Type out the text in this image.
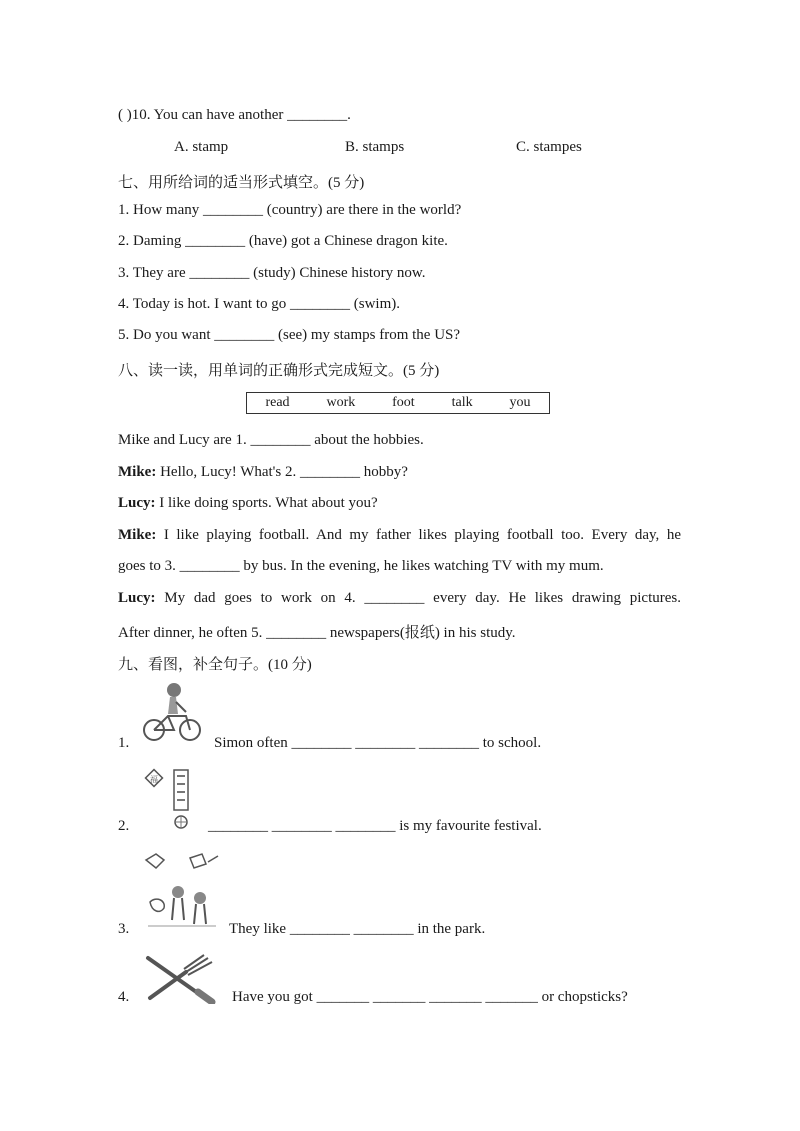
( )10. You can have another ________.
A. stamp	B. stamps	C. stampes
七、用所给词的适当形式填空。(5 分)
1. How many ________ (country) are there in the world?
2. Daming ________ (have) got a Chinese dragon kite.
3. They are ________ (study) Chinese history now.
4. Today is hot. I want to go ________ (swim).
5. Do you want ________ (see) my stamps from the US?
八、读一读，用单词的正确形式完成短文。(5 分)
read	work	foot	talk	you
Mike and Lucy are 1. ________ about the hobbies.
Mike: Hello, Lucy! What's 2. ________ hobby?
Lucy: I like doing sports. What about you?
Mike: I like playing football. And my father likes playing football too. Every day, he
goes to 3. ________ by bus. In the evening, he likes watching TV with my mum.
Lucy: My dad goes to work on 4. ________ every day. He likes drawing pictures.
After dinner, he often 5. ________ newspapers(报纸) in his study.
九、看图，补全句子。(10 分)
1.	Simon often ________ ________ ________ to school.
2.
福
________ ________ ________ is my favourite festival.
3.	They like ________ ________ in the park.
4.	Have you got _______ _______ _______ _______ or chopsticks?
